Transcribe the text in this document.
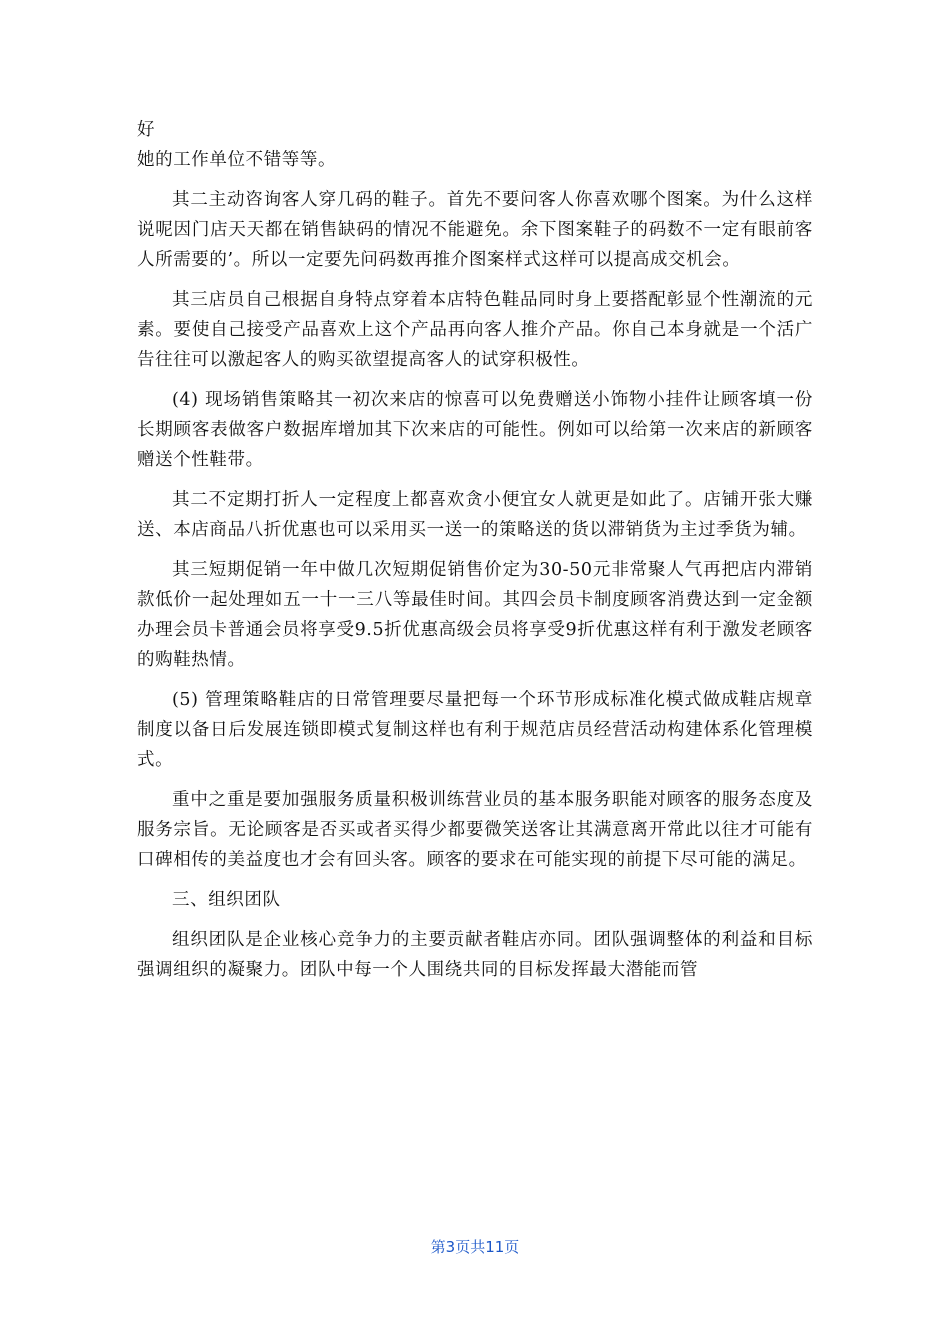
好

她的工作单位不错等等。

其二主动咨询客人穿几码的鞋子。首先不要问客人你喜欢哪个图案。为什么这样说呢因门店天天都在销售缺码的情况不能避免。余下图案鞋子的码数不一定有眼前客人所需要的’。所以一定要先问码数再推介图案样式这样可以提高成交机会。

其三店员自己根据自身特点穿着本店特色鞋品同时身上要搭配彰显个性潮流的元素。要使自己接受产品喜欢上这个产品再向客人推介产品。你自己本身就是一个活广告往往可以激起客人的购买欲望提高客人的试穿积极性。

(4) 现场销售策略其一初次来店的惊喜可以免费赠送小饰物小挂件让顾客填一份长期顾客表做客户数据库增加其下次来店的可能性。例如可以给第一次来店的新顾客赠送个性鞋带。

其二不定期打折人一定程度上都喜欢贪小便宜女人就更是如此了。店铺开张大赚送、本店商品八折优惠也可以采用买一送一的策略送的货以滞销货为主过季货为辅。

其三短期促销一年中做几次短期促销售价定为30-50元非常聚人气再把店内滞销款低价一起处理如五一十一三八等最佳时间。其四会员卡制度顾客消费达到一定金额办理会员卡普通会员将享受9.5折优惠高级会员将享受9折优惠这样有利于激发老顾客的购鞋热情。

(5) 管理策略鞋店的日常管理要尽量把每一个环节形成标准化模式做成鞋店规章制度以备日后发展连锁即模式复制这样也有利于规范店员经营活动构建体系化管理模式。

重中之重是要加强服务质量积极训练营业员的基本服务职能对顾客的服务态度及服务宗旨。无论顾客是否买或者买得少都要微笑送客让其满意离开常此以往才可能有口碑相传的美益度也才会有回头客。顾客的要求在可能实现的前提下尽可能的满足。

三、组织团队

组织团队是企业核心竞争力的主要贡献者鞋店亦同。团队强调整体的利益和目标强调组织的凝聚力。团队中每一个人围绕共同的目标发挥最大潜能而管

第3页共11页
